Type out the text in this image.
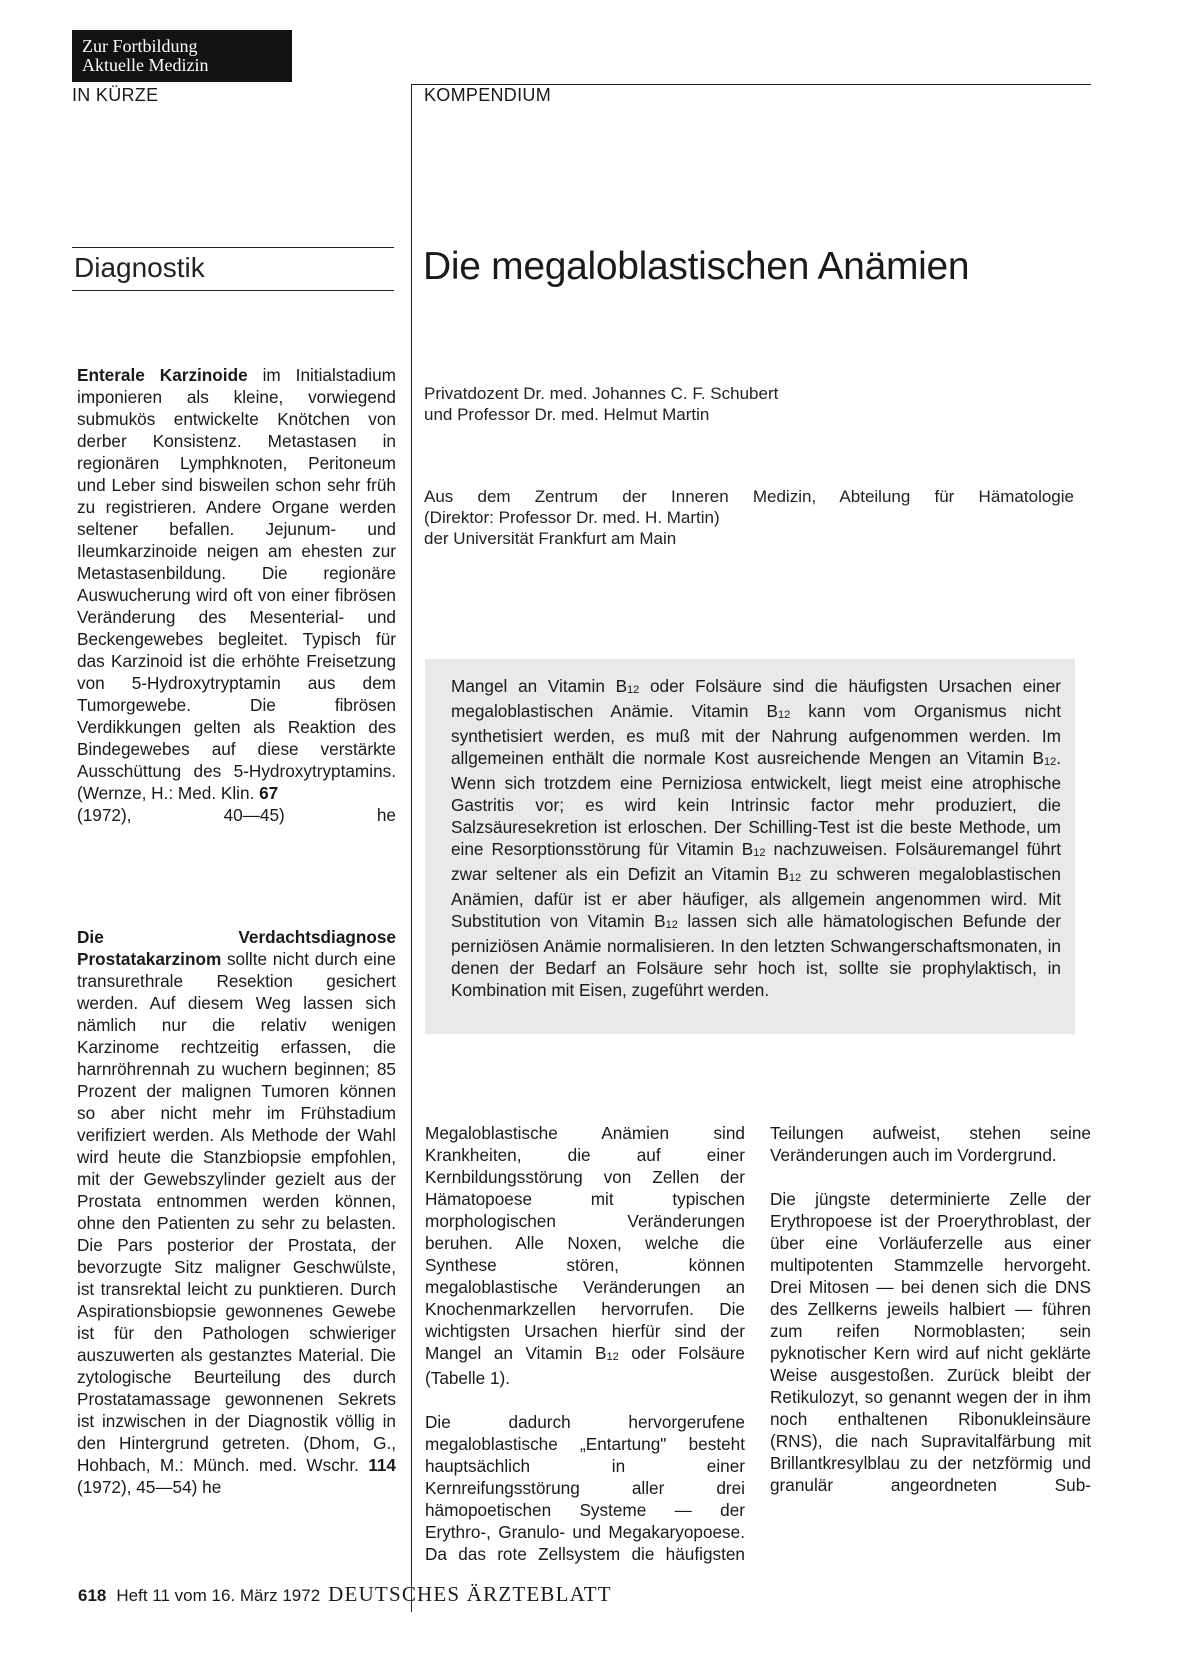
Zur Fortbildung
Aktuelle Medizin
IN KÜRZE	KOMPENDIUM
Diagnostik	Die megaloblastischen Anämien

Enterale Karzinoide im Initialstadium imponieren als kleine, vorwiegend submukös entwickelte Knötchen von derber Konsistenz. Metastasen in regionären Lymphknoten, Peritoneum und Leber sind bisweilen schon sehr früh zu registrieren. Andere Organe werden seltener befallen. Jejunum- und Ileumkarzinoide neigen am ehesten zur Metastasenbildung. Die regionäre Auswucherung wird oft von einer fibrösen Veränderung des Mesenterial- und Beckengewebes begleitet. Typisch für das Karzinoid ist die erhöhte Freisetzung von 5-Hydroxytryptamin aus dem Tumorgewebe. Die fibrösen Verdikkungen gelten als Reaktion des Bindegewebes auf diese verstärkte Ausschüttung des 5-Hydroxytryptamins. (Wernze, H.: Med. Klin. 67

(1972), 40—45)	he

Die Verdachtsdiagnose Prostatakarzinom sollte nicht durch eine transurethrale Resektion gesichert werden. Auf diesem Weg lassen sich nämlich nur die relativ wenigen Karzinome rechtzeitig erfassen, die harnröhrennah zu wuchern beginnen; 85 Prozent der malignen Tumoren können so aber nicht mehr im Frühstadium verifiziert werden. Als Methode der Wahl wird heute die Stanzbiopsie empfohlen, mit der Gewebszylinder gezielt aus der Prostata entnommen werden können, ohne den Patienten zu sehr zu belasten. Die Pars posterior der Prostata, der bevorzugte Sitz maligner Geschwülste, ist transrektal leicht zu punktieren. Durch Aspirationsbiopsie gewonnenes Gewebe ist für den Pathologen schwieriger auszuwerten als gestanztes Material. Die zytologische Beurteilung des durch Prostatamassage gewonnenen Sekrets ist inzwischen in der Diagnostik völlig in den Hintergrund getreten. (Dhom, G., Hohbach, M.: Münch. med. Wschr. 114 (1972), 45—54) he

Privatdozent Dr. med. Johannes C. F. Schubert
und Professor Dr. med. Helmut Martin
Aus dem Zentrum der Inneren Medizin, Abteilung für Hämatologie
(Direktor: Professor Dr. med. H. Martin)
der Universität Frankfurt am Main
Mangel an Vitamin $B_{12}$ oder Folsäure sind die häufigsten Ursachen einer megaloblastischen Anämie. Vitamin $B_{12}$ kann vom Organismus nicht synthetisiert werden, es muß mit der Nahrung aufgenommen werden. Im allgemeinen enthält die normale Kost ausreichende Mengen an Vitamin $B_{12}$. Wenn sich trotzdem eine Perniziosa entwickelt, liegt meist eine atrophische Gastritis vor; es wird kein Intrinsic factor mehr produziert, die Salzsäuresekretion ist erloschen. Der Schilling-Test ist die beste Methode, um eine Resorptionsstörung für Vitamin $B_{12}$ nachzuweisen. Folsäuremangel führt zwar seltener als ein Defizit an Vitamin $B_{12}$ zu schweren megaloblastischen Anämien, dafür ist er aber häufiger, als allgemein angenommen wird. Mit Substitution von Vitamin $B_{12}$ lassen sich alle hämatologischen Befunde der perniziösen Anämie normalisieren. In den letzten Schwangerschaftsmonaten, in denen der Bedarf an Folsäure sehr hoch ist, sollte sie prophylaktisch, in Kombination mit Eisen, zugeführt werden.

Megaloblastische Anämien sind Krankheiten, die auf einer Kernbildungsstörung von Zellen der Hämatopoese mit typischen morphologischen Veränderungen beruhen. Alle Noxen, welche die Synthese stören, können megaloblastische Veränderungen an Knochenmarkzellen hervorrufen. Die wichtigsten Ursachen hierfür sind der Mangel an Vitamin $B_{12}$ oder Folsäure (Tabelle 1).

Die dadurch hervorgerufene megaloblastische „Entartung" besteht hauptsächlich in einer Kernreifungsstörung aller drei hämopoetischen Systeme — der Erythro-, Granulo- und Megakaryopoese. Da das rote Zellsystem die häufigsten

Teilungen aufweist, stehen seine Veränderungen auch im Vordergrund.

Die jüngste determinierte Zelle der Erythropoese ist der Proerythroblast, der über eine Vorläuferzelle aus einer multipotenten Stammzelle hervorgeht. Drei Mitosen — bei denen sich die DNS des Zellkerns jeweils halbiert — führen zum reifen Normoblasten; sein pyknotischer Kern wird auf nicht geklärte Weise ausgestoßen. Zurück bleibt der Retikulozyt, so genannt wegen der in ihm noch enthaltenen Ribonukleinsäure (RNS), die nach Supravitalfärbung mit Brillantkresylblau zu der netzförmig und granulär angeordneten Sub-

618 Heft 11 vom 16. März 1972 DEUTSCHES ÄRZTEBLATT
